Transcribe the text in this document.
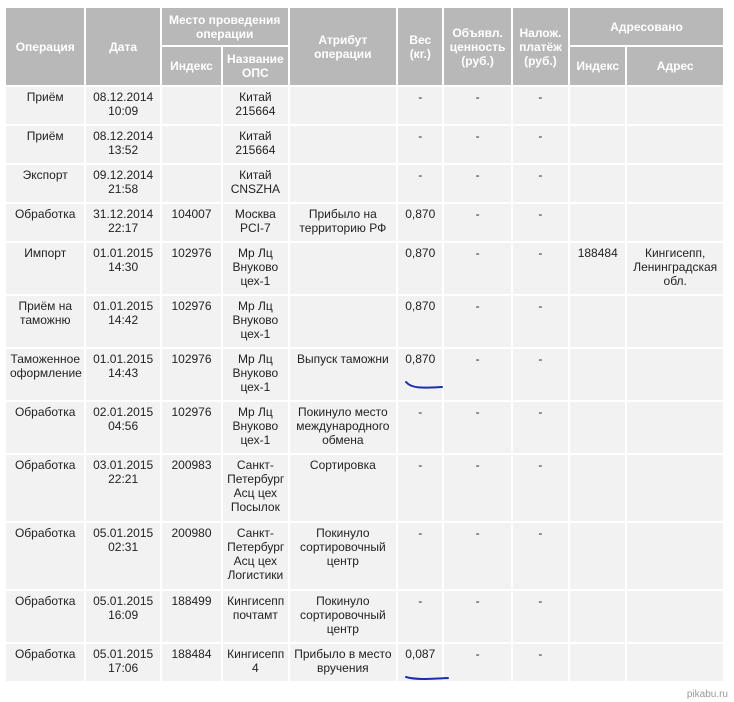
Операция	Дата	Место проведения операции		Атрибут операции	Вес (кг.)	Объявл. ценность (руб.)	Налож. платёж (руб.)	Адресовано	
		Индекс	Название ОПС					Индекс	Адрес
Приём	08.12.2014 10:09		Китай 215664		-	-	-		
Приём	08.12.2014 13:52		Китай 215664		-	-	-		
Экспорт	09.12.2014 21:58		Китай CNSZHA		-	-	-		
Обработка	31.12.2014 22:17	104007	Москва PCI-7	Прибыло на территорию РФ	0,870	-	-		
Импорт	01.01.2015 14:30	102976	Мр Лц Внуково цех-1		0,870	-	-	188484	Кингисепп, Ленинградская обл.
Приём на таможню	01.01.2015 14:42	102976	Мр Лц Внуково цех-1		0,870	-	-		
Таможенное оформление	01.01.2015 14:43	102976	Мр Лц Внуково цех-1	Выпуск таможни	0,870	-	-		
Обработка	02.01.2015 04:56	102976	Мр Лц Внуково цех-1	Покинуло место международного обмена	-	-	-		
Обработка	03.01.2015 22:21	200983	Санкт-Петербург Асц цех Посылок	Сортировка	-	-	-		
Обработка	05.01.2015 02:31	200980	Санкт-Петербург Асц цех Логистики	Покинуло сортировочный центр	-	-	-		
Обработка	05.01.2015 16:09	188499	Кингисепп почтамт	Покинуло сортировочный центр	-	-	-		
Обработка	05.01.2015 17:06	188484	Кингисепп 4	Прибыло в место вручения	0,087	-	-		
pikabu.ru
